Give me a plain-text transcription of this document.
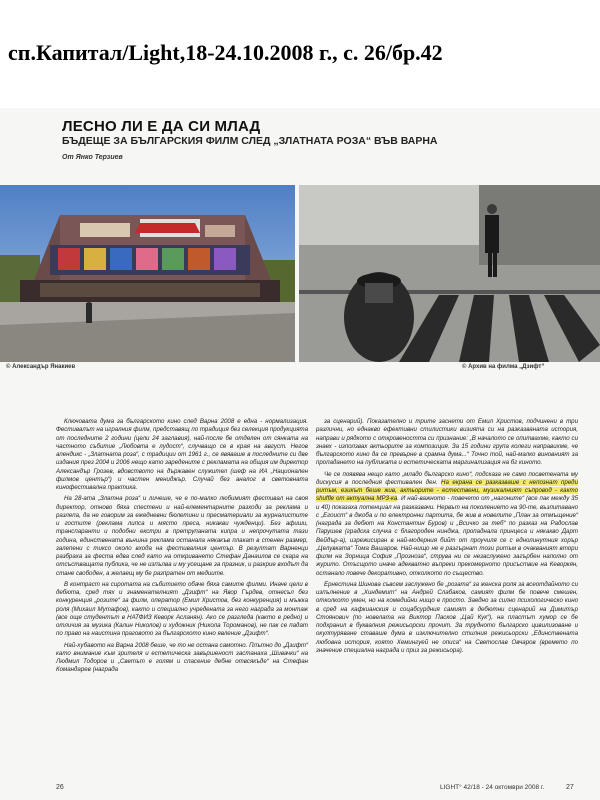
сп.Капитал/Light,18-24.10.2008 г., с. 26/бр.42
ЛЕСНО ЛИ Е ДА СИ МЛАД
БЪДЕЩЕ ЗА БЪЛГАРСКИЯ ФИЛМ СЛЕД „ЗЛАТНАТА РОЗА“ ВЪВ ВАРНА
От Янко Терзиев
© Александър Янакиев	© Архив на филма „Дзифт“

Ключовата дума за българското кино след Варна 2008 е една - нормализация. Фестивалът на игралния филм, представящ по традиция без селекция продукцията от последните 2 години (цели 24 заглавия), най-после бе отделен от сянката на частното събитие „Любовта е лудост“, случващо се в края на август. Негов апендикс - „Златната роза“, с традиции от 1961 г., се явяваше в последните си две издания през 2004 и 2006 нещо като заредените с рекламата на общия им директор Александър Грозев, вдовството на държавен служител (шеф на ИА „Национален филмов център“) и частен мениджър. Случай без аналог в световната кинофестивална практика.

На 28-ата „Златна роза“ и личеше, че е по-малко любимият фестивал на своя директор, отново бяха спестени и най-елементарните разходи за реклама и разлепа, да не говорим за ежедневни бюлетини и пресматериали за журналистите и гостите (реклама липса и място преса, никакви чужденци). Без афиши, транспаранти и подобни екстри в претрупаната кипра и непрочутата тази година, единствената външна реклама останала някакъв плакат в стенен размер, залепени с тиксо около входа на фестивалния център. В резултат Варненци разбраха за феста едва след като на откриването Стефан Данаилов се скара на отсъстващата публика, че не изпълва и му усещане за празник, и разкрие входът да стане свободен, а желаещ му бе разпратен от медиите.

В контраст на сиротата на събитието обаче бяха самите филми. Иначе цели в дебюта, сред тях и знаменателният „Дзифт“ на Явор Гърдев, отнесъл без конкуренция „розите“ за филм, оператор (Емил Христов, без конкуренция) и мъжка роля (Михаил Мутафов), както и специално учредената за него награда за монтаж (все още студентът в НАТФИЗ Кеворк Асланян). Ако се разгледа (както е редно) и отличия за музика (Калин Николов) и художник (Никола Тороманов), не пак се падат по право на наистина праговото за българското кино явление „Дзифт“.

Най-хубавото на Варна 2008 беше, че то не остана самотно. Плътно до „Дзифт“ като внимание към зрителя и естетическа завършеност застанаха „Шивачки“ на Людмил Тодоров и „Светът е голям и спасение дебне отвсякъде“ на Стефан Командарев (награда

за сценарий). Показателно и трите заснети от Емил Христов, подчинени в три различни, но еднакво ефективни стилистики визията си на разказваната история, направи и рядкото с откровеността си признание: „В началото се опитвахме, както си знаех - използвах актьорите за композиция. За 15 години група колеги направихме, че българското кино да се превърне в срамна дума...“ Точно той, най-малко виновният за пропадането на публиката и естетическата маргинализация на бг киното.

Че се появява нещо като „младо българско кино“, подсказа не само посветената му дискусия в последния фестивален ден. На екрана се разказваше с непознат преди ритъм, езикът беше жив, актьорите - естествени, музикалният съпровод - както shuffle от актуална МР3-ка. И най-важното - повечето от „нагоните“ (все пак между 35 и 40) показаха потенциал на разказвачи. Нервът на поколението на 90-те, възпитавано с „Егоист“ в джоба и по електронни партита, бе жив в новелите „План за отмъщение“ (награда за дебют на Константин Буров) и „Всичко за теб“ по разказ на Радослав Парушев (градска случка с благороден нинджа, пропаднала принцеса и някакво Дарт Вейдър-а), изрежисиран в най-модерния бийт от проучиля се с еднолинутния хорър „Целувката“ Тома Вашаров. Най-нищо не е разгърнат този ритъм в очакваният втори филм на Зорница София „Прозноза“, струва ни се незаслужено загърбен наполно от журито. Отъсщото иначе адекватно въпреки прекомерното присъствие на Кеворкян, останало повече декоративно, отколкото по същество.

Ернестина Шинова съвсем заслужено бе „розата“ за женска роля за всеотдайното си изпълнение в „Хиндемит“ на Андрей Слабаков, самият филм бе повече смешен, отколкото умен, но на комедийни нищо е просто. Заедно за силно психологическо кино в сред на кафкианския и соцабсурдния самият в дебютни сценарий на Димитър Стоянович (по новелата на Виктор Пасков „Цай Кук“), на пластът хумор се бе подхранил в буквалния режисьорски прочит. За трудното българско цивилизоване и окултуряване ставаше дума в изключително стилния режисьорски „Единствената любовна история, която Хемингуей не описа“ на Светослав Овчаров (времето по значение специална награда и приз за режисьора).

26	LIGHT° 42/18 - 24 октомври 2008 г.	27
